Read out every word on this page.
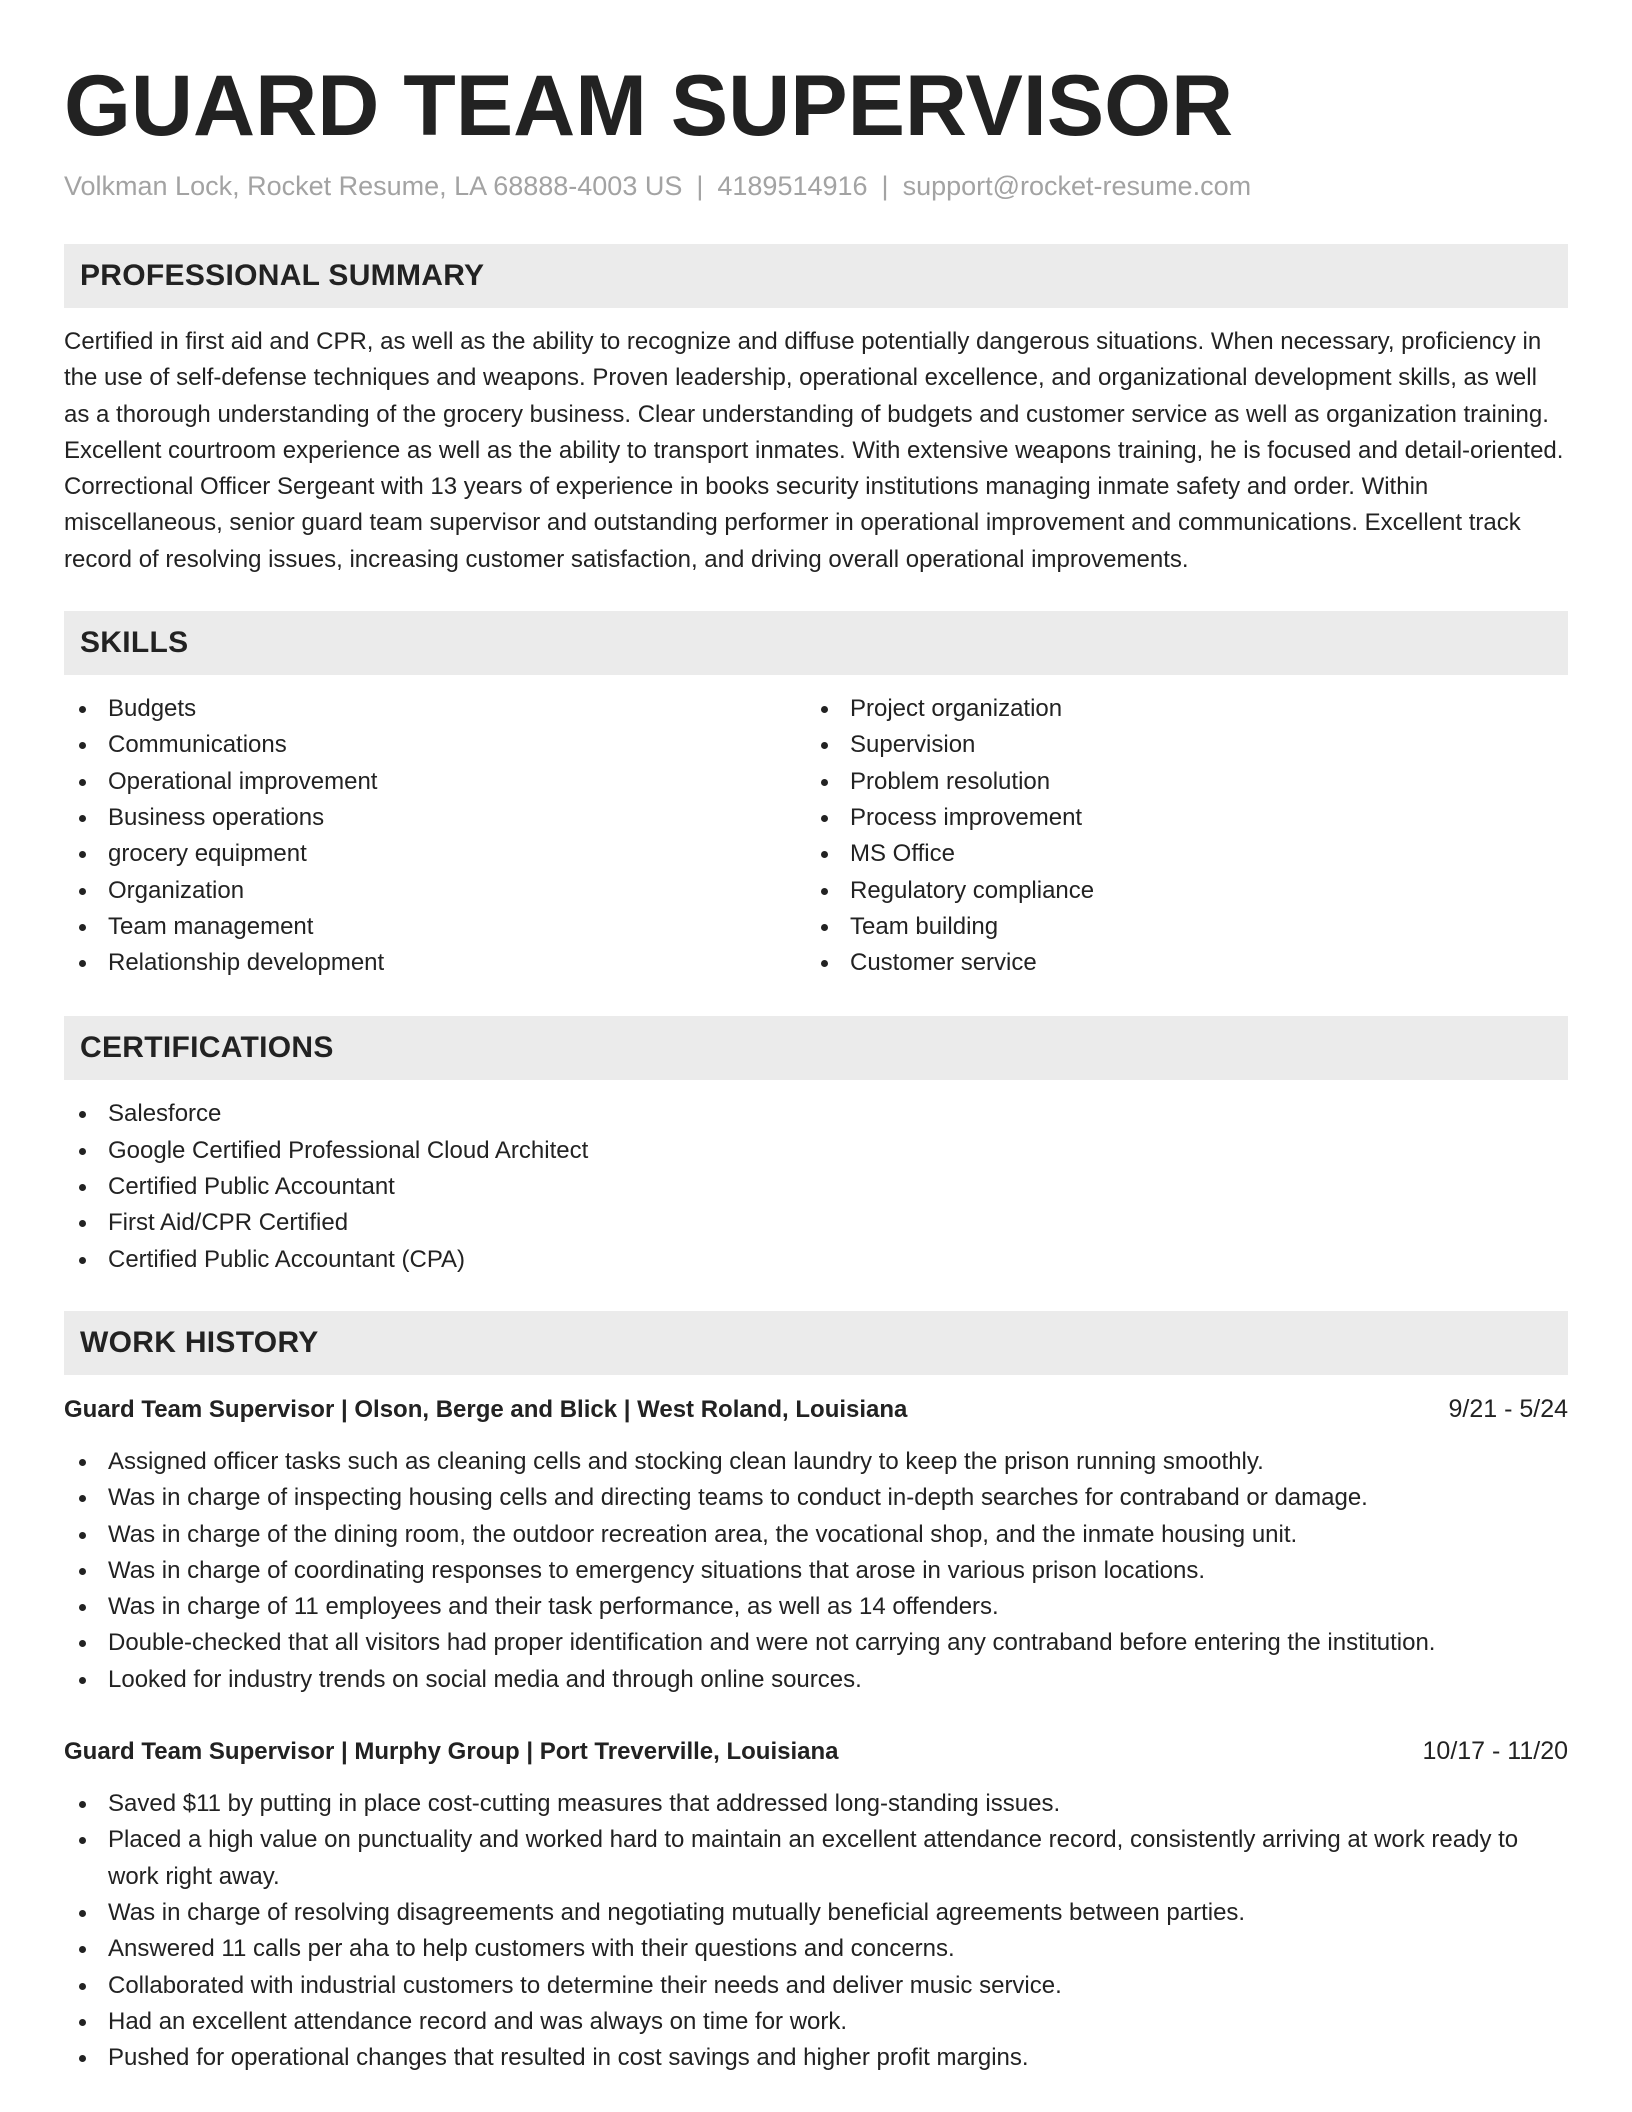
GUARD TEAM SUPERVISOR
Volkman Lock, Rocket Resume, LA 68888-4003 US | 4189514916 | support@rocket-resume.com
PROFESSIONAL SUMMARY

Certified in first aid and CPR, as well as the ability to recognize and diffuse potentially dangerous situations. When necessary, proficiency in the use of self-defense techniques and weapons. Proven leadership, operational excellence, and organizational development skills, as well as a thorough understanding of the grocery business. Clear understanding of budgets and customer service as well as organization training. Excellent courtroom experience as well as the ability to transport inmates. With extensive weapons training, he is focused and detail-oriented. Correctional Officer Sergeant with 13 years of experience in books security institutions managing inmate safety and order. Within miscellaneous, senior guard team supervisor and outstanding performer in operational improvement and communications. Excellent track record of resolving issues, increasing customer satisfaction, and driving overall operational improvements.

SKILLS
Budgets
Communications
Operational improvement
Business operations
grocery equipment
Organization
Team management
Relationship development
Project organization
Supervision
Problem resolution
Process improvement
MS Office
Regulatory compliance
Team building
Customer service
CERTIFICATIONS
Salesforce
Google Certified Professional Cloud Architect
Certified Public Accountant
First Aid/CPR Certified
Certified Public Accountant (CPA)
WORK HISTORY
Guard Team Supervisor | Olson, Berge and Blick | West Roland, Louisiana	9/21 - 5/24
Assigned officer tasks such as cleaning cells and stocking clean laundry to keep the prison running smoothly.
Was in charge of inspecting housing cells and directing teams to conduct in-depth searches for contraband or damage.
Was in charge of the dining room, the outdoor recreation area, the vocational shop, and the inmate housing unit.
Was in charge of coordinating responses to emergency situations that arose in various prison locations.
Was in charge of 11 employees and their task performance, as well as 14 offenders.
Double-checked that all visitors had proper identification and were not carrying any contraband before entering the institution.
Looked for industry trends on social media and through online sources.
Guard Team Supervisor | Murphy Group | Port Treverville, Louisiana	10/17 - 11/20
Saved $11 by putting in place cost-cutting measures that addressed long-standing issues.
Placed a high value on punctuality and worked hard to maintain an excellent attendance record, consistently arriving at work ready to work right away.
Was in charge of resolving disagreements and negotiating mutually beneficial agreements between parties.
Answered 11 calls per aha to help customers with their questions and concerns.
Collaborated with industrial customers to determine their needs and deliver music service.
Had an excellent attendance record and was always on time for work.
Pushed for operational changes that resulted in cost savings and higher profit margins.
